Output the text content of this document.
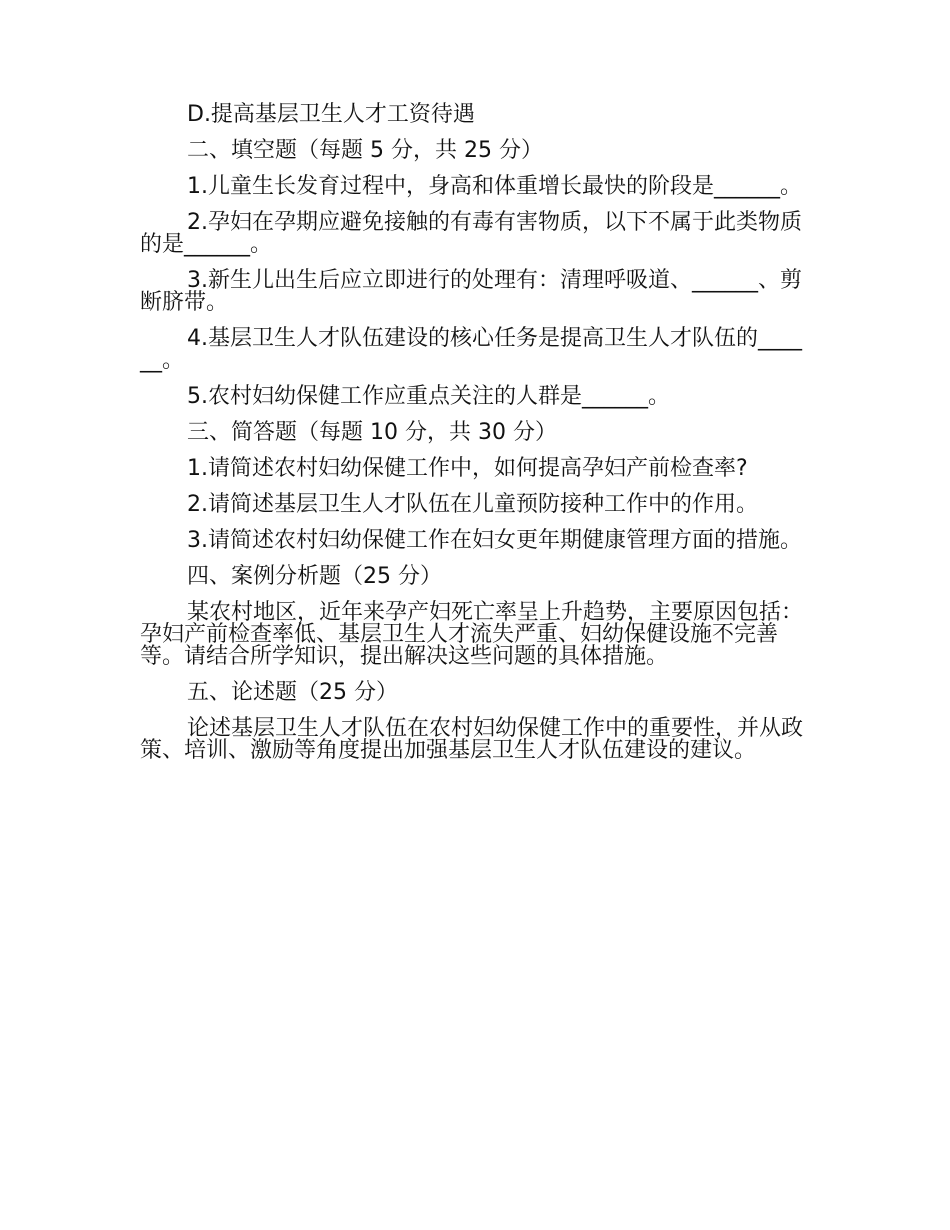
D.提高基层卫生人才工资待遇

二、填空题（每题 5 分，共 25 分）

1.儿童生长发育过程中，身高和体重增长最快的阶段是______。

2.孕妇在孕期应避免接触的有毒有害物质，以下不属于此类物质的是______。

3.新生儿出生后应立即进行的处理有：清理呼吸道、______、剪断脐带。

4.基层卫生人才队伍建设的核心任务是提高卫生人才队伍的______。

5.农村妇幼保健工作应重点关注的人群是______。

三、简答题（每题 10 分，共 30 分）

1.请简述农村妇幼保健工作中，如何提高孕妇产前检查率?

2.请简述基层卫生人才队伍在儿童预防接种工作中的作用。

3.请简述农村妇幼保健工作在妇女更年期健康管理方面的措施。

四、案例分析题（25 分）

某农村地区，近年来孕产妇死亡率呈上升趋势，主要原因包括：孕妇产前检查率低、基层卫生人才流失严重、妇幼保健设施不完善等。请结合所学知识，提出解决这些问题的具体措施。

五、论述题（25 分）

论述基层卫生人才队伍在农村妇幼保健工作中的重要性，并从政策、培训、激励等角度提出加强基层卫生人才队伍建设的建议。
